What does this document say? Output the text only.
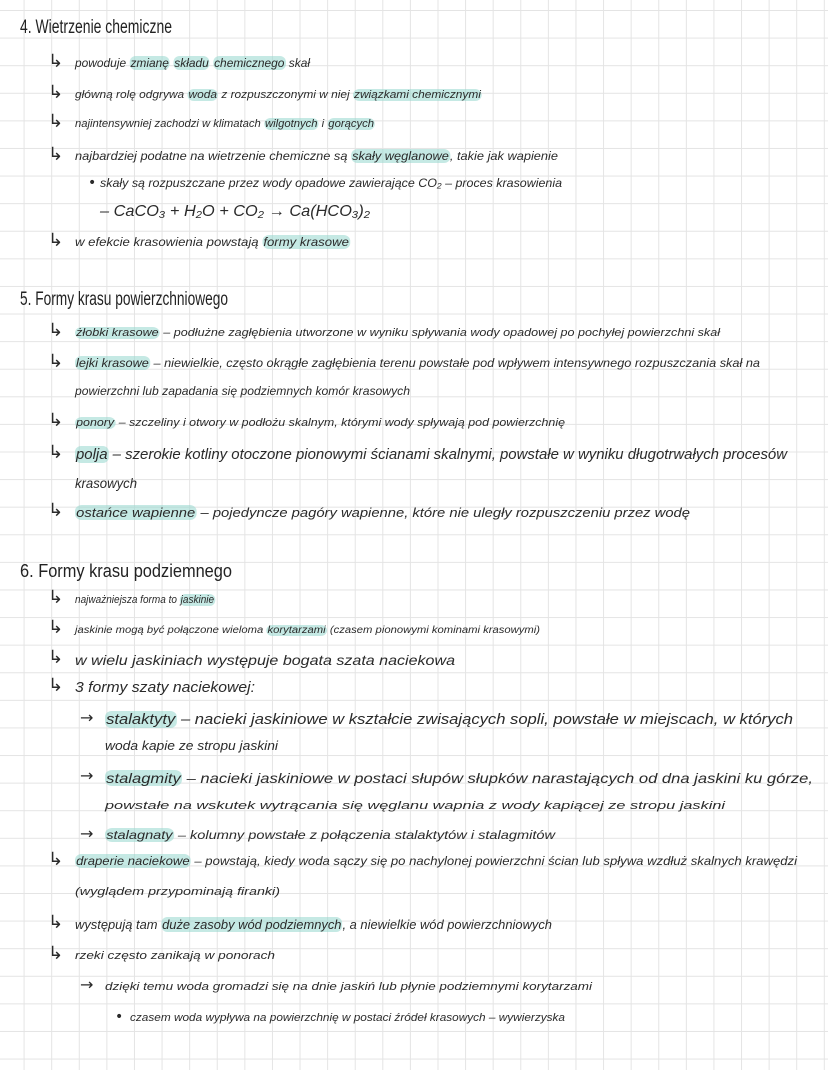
4. Wietrzenie chemiczne
↳ powoduje zmianę składu chemicznego skał
↳ główną rolę odgrywa woda z rozpuszczonymi w niej związkami chemicznymi
↳ najintensywniej zachodzi w klimatach wilgotnych i gorących
↳ najbardziej podatne na wietrzenie chemiczne są skały węglanowe, takie jak wapienie
• skały są rozpuszczane przez wody opadowe zawierające CO₂ – proces krasowienia
– CaCO₃ + H₂O + CO₂ → Ca(HCO₃)₂
↳ w efekcie krasowienia powstają formy krasowe
5. Formy krasu powierzchniowego
↳ żłobki krasowe – podłużne zagłębienia utworzone w wyniku spływania wody opadowej po pochyłej powierzchni skał
↳ lejki krasowe – niewielkie, często okrągłe zagłębienia terenu powstałe pod wpływem intensywnego rozpuszczania skał na
powierzchni lub zapadania się podziemnych komór krasowych
↳ ponory – szczeliny i otwory w podłożu skalnym, którymi wody spływają pod powierzchnię
↳ polja – szerokie kotliny otoczone pionowymi ścianami skalnymi, powstałe w wyniku długotrwałych procesów
krasowych
↳ ostańce wapienne – pojedyncze pagóry wapienne, które nie uległy rozpuszczeniu przez wodę
6. Formy krasu podziemnego
↳ najważniejsza forma to jaskinie
↳ jaskinie mogą być połączone wieloma korytarzami (czasem pionowymi kominami krasowymi)
↳ w wielu jaskiniach występuje bogata szata naciekowa
↳ 3 formy szaty naciekowej:
→ stalaktyty – nacieki jaskiniowe w kształcie zwisających sopli, powstałe w miejscach, w których
woda kapie ze stropu jaskini
→ stalagmity – nacieki jaskiniowe w postaci słupów słupków narastających od dna jaskini ku górze,
powstałe na wskutek wytrącania się węglanu wapnia z wody kapiącej ze stropu jaskini
→ stalagnaty – kolumny powstałe z połączenia stalaktytów i stalagmitów
↳ draperie naciekowe – powstają, kiedy woda sączy się po nachylonej powierzchni ścian lub spływa wzdłuż skalnych krawędzi
(wyglądem przypominają firanki)
↳ występują tam duże zasoby wód podziemnych, a niewielkie wód powierzchniowych
↳ rzeki często zanikają w ponorach
→ dzięki temu woda gromadzi się na dnie jaskiń lub płynie podziemnymi korytarzami
• czasem woda wypływa na powierzchnię w postaci źródeł krasowych – wywierzyska
